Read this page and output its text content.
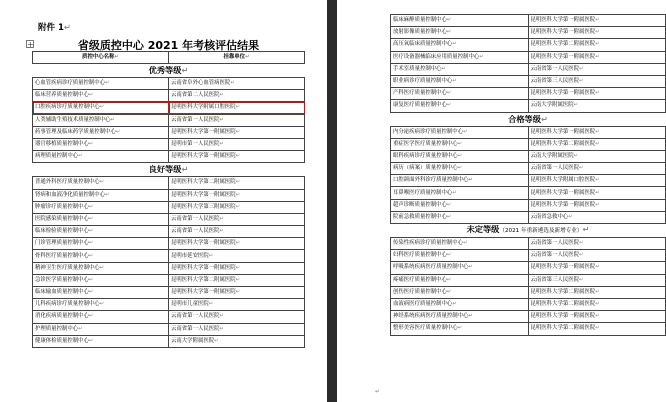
附件 1↵
+	省级质控中心 2021 年考核评估结果
质控中心名称↵	挂靠单位↵
优秀等级↵	
心血管疾病诊疗质量控制中心↵	云南省阜外心血管病医院↵
临床营养质量控制中心↵	云南省第二人民医院↵
口腔疾病诊疗质量控制中心↵	昆明医科大学附属口腔医院↵
人类辅助生殖技术质量控制中心↵	云南省第一人民医院↵
药事管理及临床药学质量控制中心↵	昆明医科大学第一附属医院↵
器官移植质量控制中心↵	昆明市第一人民医院↵
病理质量控制中心↵	昆明医科大学第一附属医院↵
良好等级↵	
普通外科医疗质量控制中心↵	昆明医科大学第二附属医院↵
肾病和血液净化质量控制中心↵	昆明医科大学第一附属医院↵
肿瘤诊疗质量控制中心↵	昆明医科大学第三附属医院↵
医院感染质量控制中心↵	云南省第一人民医院↵
临床检验质量控制中心↵	云南省第一人民医院↵
门诊管理质量控制中心↵	昆明医科大学第一附属医院↵
骨科医疗质量控制中心↵	昆明市延安医院↵
精神卫生医疗质量控制中心↵	昆明医科大学第一附属医院↵
急诊医学质量控制中心↵	昆明医科大学第二附属医院↵
临床输血质量控制中心↵	昆明医科大学第一附属医院↵
儿科疾病诊疗质量控制中心↵	昆明市儿童医院↵
消化疾病质量控制中心↵	云南省第一人民医院↵
护理质量控制中心↵	云南省第一人民医院↵
健康体检质量控制中心↵	云南大学附属医院↵
临床麻醉质量控制中心↵	昆明医科大学第一附属医院↵
放射影像质量控制中心↵	昆明医科大学第一附属医院↵
高压氧临床质量控制中心↵	昆明医科大学第二附属医院↵
医疗设备器械临床应用质量控制中心↵	昆明医科大学第一附属医院↵
手术室质量控制中心↵	云南省第一人民医院↵
职业病诊疗质量控制中心↵	云南省第三人民医院↵
产科医疗质量控制中心↵	昆明医科大学第一附属医院↵
康复医疗质量控制中心↵	云南大学附属医院↵
合格等级↵	
内分泌疾病诊疗质量控制中心↵	昆明医科大学第一附属医院↵
重症医学医疗质量控制中心↵	昆明医科大学第二附属医院↵
眼科疾病诊疗质量控制中心↵	云南大学附属医院↵
病历（病案）质量控制中心↵	云南省第一人民医院↵
口腔颌面外科诊疗质量控制中心↵	昆明医科大学附属口腔医院↵
耳鼻喉医疗质量控制中心↵	昆明医科大学第一附属医院↵
超声诊断质量控制中心↵	昆明医科大学第一附属医院↵
院前急救质量控制中心↵	云南省急救中心↵
未定等级（2021 年重新遴选及新增专业）↵	
传染性疾病诊疗质量控制中心↵	云南省第一人民医院↵
妇科医疗质量控制中心↵	云南省第一人民医院↵
呼吸系统疾病医疗质量控制中心↵	昆明医科大学第一附属医院↵
疼痛医疗质量控制中心↵	云南省第三人民医院↵
创伤医疗质量控制中心↵	昆明医科大学第二附属医院↵
血液病医疗质量控制中心↵	昆明医科大学第二附属医院↵
神经系统疾病医疗质量控制中心↵	昆明医科大学第一附属医院↵
整形美容医疗质量控制中心↵	昆明医科大学第二附属医院↵
↵
